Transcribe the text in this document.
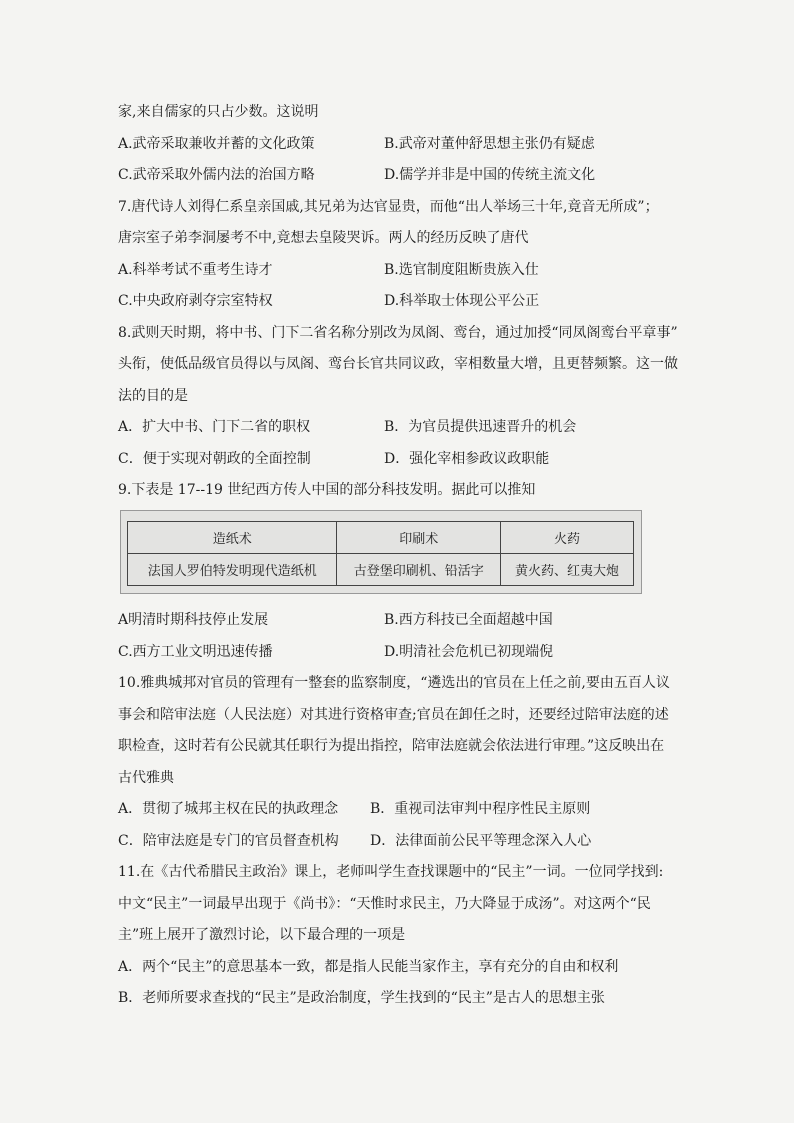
家,来自儒家的只占少数。这说明
A.武帝采取兼收并蓄的文化政策	B.武帝对董仲舒思想主张仍有疑虑
C.武帝采取外儒内法的治国方略	D.儒学并非是中国的传统主流文化
7.唐代诗人刘得仁系皇亲国戚,其兄弟为达官显贵，而他“出人举场三十年,竟音无所成”；
唐宗室子弟李洞屡考不中,竟想去皇陵哭诉。两人的经历反映了唐代
A.科举考试不重考生诗才	B.选官制度阻断贵族入仕
C.中央政府剥夺宗室特权	D.科举取士体现公平公正
8.武则天时期，将中书、门下二省名称分别改为凤阁、鸾台，通过加授“同凤阁鸾台平章事”
头衔，使低品级官员得以与凤阁、鸾台长官共同议政，宰相数量大增，且更替频繁。这一做
法的目的是
A．扩大中书、门下二省的职权	B．为官员提供迅速晋升的机会
C．便于实现对朝政的全面控制	D．强化宰相参政议政职能
9.下表是 17--19 世纪西方传人中国的部分科技发明。据此可以推知
造纸术	印刷术	火药
法国人罗伯特发明现代造纸机	古登堡印刷机、铅活字	黄火药、红夷大炮
A明清时期科技停止发展	B.西方科技已全面超越中国
C.西方工业文明迅速传播	D.明清社会危机已初现端倪
10.雅典城邦对官员的管理有一整套的监察制度，“遴选出的官员在上任之前,要由五百人议
事会和陪审法庭（人民法庭）对其进行资格审查;官员在卸任之时，还要经过陪审法庭的述
职检查，这时若有公民就其任职行为提出指控，陪审法庭就会依法进行审理。”这反映出在
古代雅典
A．贯彻了城邦主权在民的执政理念	B．重视司法审判中程序性民主原则
C．陪审法庭是专门的官员督查机构	D．法律面前公民平等理念深入人心
11.在《古代希腊民主政治》课上，老师叫学生查找课题中的“民主”一词。一位同学找到:
中文“民主”一词最早出现于《尚书》：“天惟时求民主，乃大降显于成汤”。对这两个“民
主”班上展开了激烈讨论，以下最合理的一项是
A．两个“民主”的意思基本一致，都是指人民能当家作主，享有充分的自由和权利
B．老师所要求查找的“民主”是政治制度，学生找到的“民主”是古人的思想主张
